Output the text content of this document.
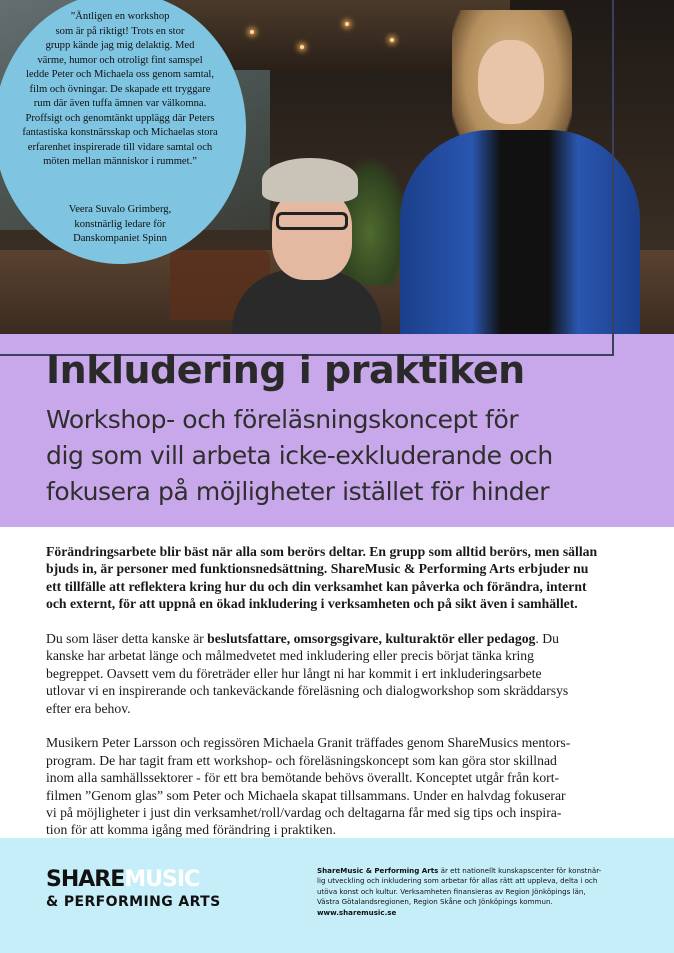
”Äntligen en workshop
som är på riktigt! Trots en stor
grupp kände jag mig delaktig. Med
värme, humor och otroligt fint samspel
ledde Peter och Michaela oss genom samtal,
film och övningar. De skapade ett tryggare
rum där även tuffa ämnen var välkomna.
Proffsigt och genomtänkt upplägg där Peters
fantastiska konstnärsskap och Michaelas stora
erfarenhet inspirerade till vidare samtal och
möten mellan människor i rummet.”
Veera Suvalo Grimberg,
konstnärlig ledare för
Danskompaniet Spinn
Inkludering i praktiken
Workshop- och föreläsningskoncept för
dig som vill arbeta icke-exkluderande och
fokusera på möjligheter istället för hinder

Förändringsarbete blir bäst när alla som berörs deltar. En grupp som alltid berörs, men sällan
bjuds in, är personer med funktionsnedsättning. ShareMusic & Performing Arts erbjuder nu
ett tillfälle att reflektera kring hur du och din verksamhet kan påverka och förändra, internt
och externt, för att uppnå en ökad inkludering i verksamheten och på sikt även i samhället.

Du som läser detta kanske är beslutsfattare, omsorgsgivare, kulturaktör eller pedagog. Du
kanske har arbetat länge och målmedvetet med inkludering eller precis börjat tänka kring
begreppet. Oavsett vem du företräder eller hur långt ni har kommit i ert inkluderingsarbete
utlovar vi en inspirerande och tankeväckande föreläsning och dialogworkshop som skräddarsys
efter era behov.

Musikern Peter Larsson och regissören Michaela Granit träffades genom ShareMusics mentors-
program. De har tagit fram ett workshop- och föreläsningskoncept som kan göra stor skillnad
inom alla samhällssektorer - för ett bra bemötande behövs överallt. Konceptet utgår från kort-
filmen ”Genom glas” som Peter och Michaela skapat tillsammans. Under en halvdag fokuserar
vi på möjligheter i just din verksamhet/roll/vardag och deltagarna får med sig tips och inspira-
tion för att komma igång med förändring i praktiken.

SHAREMUSIC
& PERFORMING ARTS
ShareMusic & Performing Arts är ett nationellt kunskapscenter för konstnär-
lig utveckling och inkludering som arbetar för allas rätt att uppleva, delta i och
utöva konst och kultur. Verksamheten finansieras av Region Jönköpings län,
Västra Götalandsregionen, Region Skåne och Jönköpings kommun.
www.sharemusic.se
